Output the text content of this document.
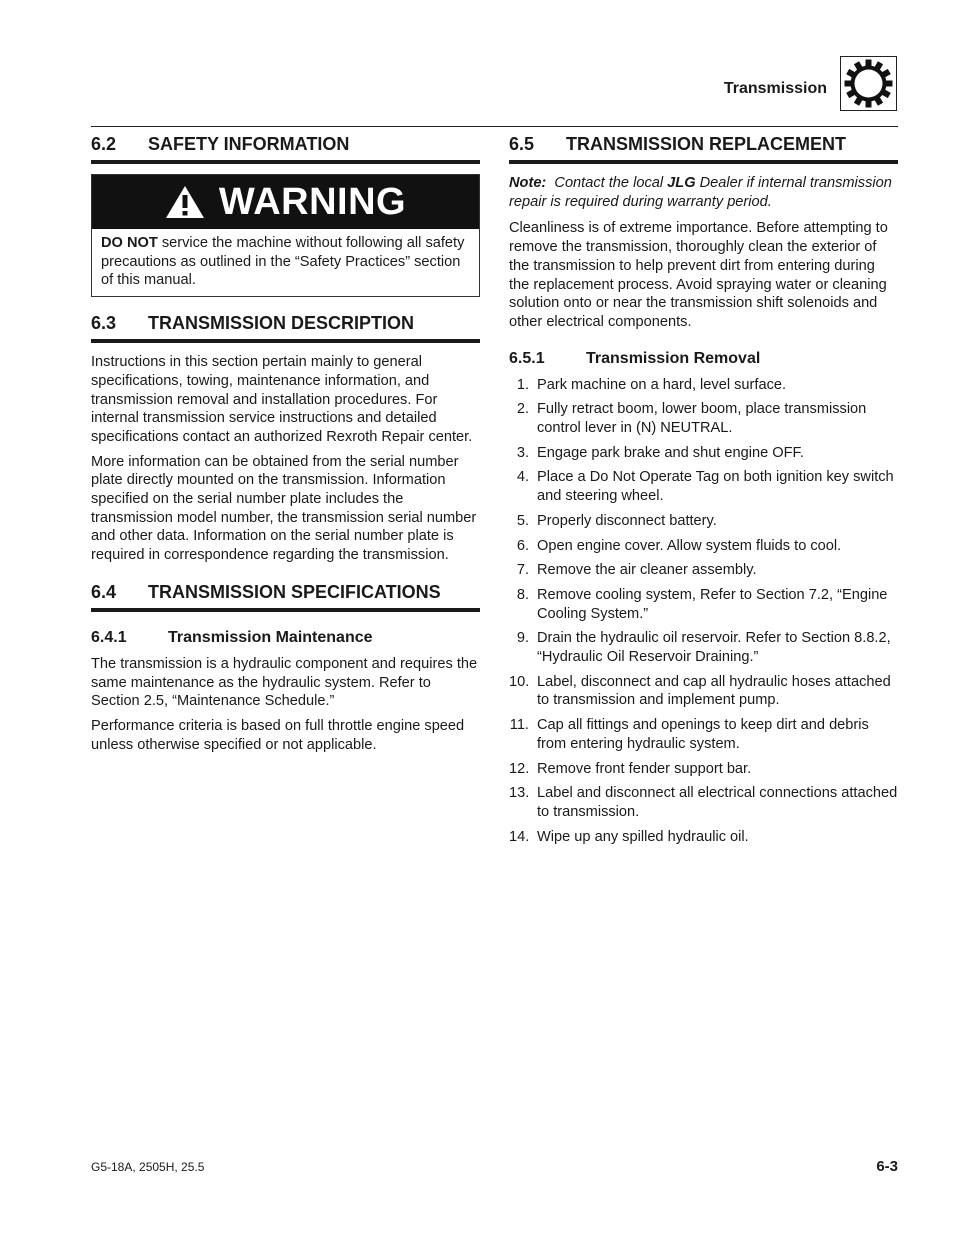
Transmission
6.2	SAFETY INFORMATION
WARNING

DO NOT service the machine without following all safety precautions as outlined in the “Safety Practices” section of this manual.

6.3	TRANSMISSION DESCRIPTION

Instructions in this section pertain mainly to general specifications, towing, maintenance information, and transmission removal and installation procedures. For internal transmission service instructions and detailed specifications contact an authorized Rexroth Repair center.

More information can be obtained from the serial number plate directly mounted on the transmission. Information specified on the serial number plate includes the transmission model number, the transmission serial number and other data. Information on the serial number plate is required in correspondence regarding the transmission.

6.4	TRANSMISSION SPECIFICATIONS
6.4.1	Transmission Maintenance

The transmission is a hydraulic component and requires the same maintenance as the hydraulic system. Refer to Section 2.5, “Maintenance Schedule.”

Performance criteria is based on full throttle engine speed unless otherwise specified or not applicable.

6.5	TRANSMISSION REPLACEMENT

Note:  Contact the local JLG Dealer if internal transmission repair is required during warranty period.

Cleanliness is of extreme importance. Before attempting to remove the transmission, thoroughly clean the exterior of the transmission to help prevent dirt from entering during the replacement process. Avoid spraying water or cleaning solution onto or near the transmission shift solenoids and other electrical components.

6.5.1	Transmission Removal
1. Park machine on a hard, level surface.
2. Fully retract boom, lower boom, place transmission control lever in (N) NEUTRAL.
3. Engage park brake and shut engine OFF.
4. Place a Do Not Operate Tag on both ignition key switch and steering wheel.
5. Properly disconnect battery.
6. Open engine cover. Allow system fluids to cool.
7. Remove the air cleaner assembly.
8. Remove cooling system, Refer to Section 7.2, “Engine Cooling System.”
9. Drain the hydraulic oil reservoir. Refer to Section 8.8.2, “Hydraulic Oil Reservoir Draining.”
10. Label, disconnect and cap all hydraulic hoses attached to transmission and implement pump.
11. Cap all fittings and openings to keep dirt and debris from entering hydraulic system.
12. Remove front fender support bar.
13. Label and disconnect all electrical connections attached to transmission.
14. Wipe up any spilled hydraulic oil.
G5-18A, 2505H, 25.5	6-3
